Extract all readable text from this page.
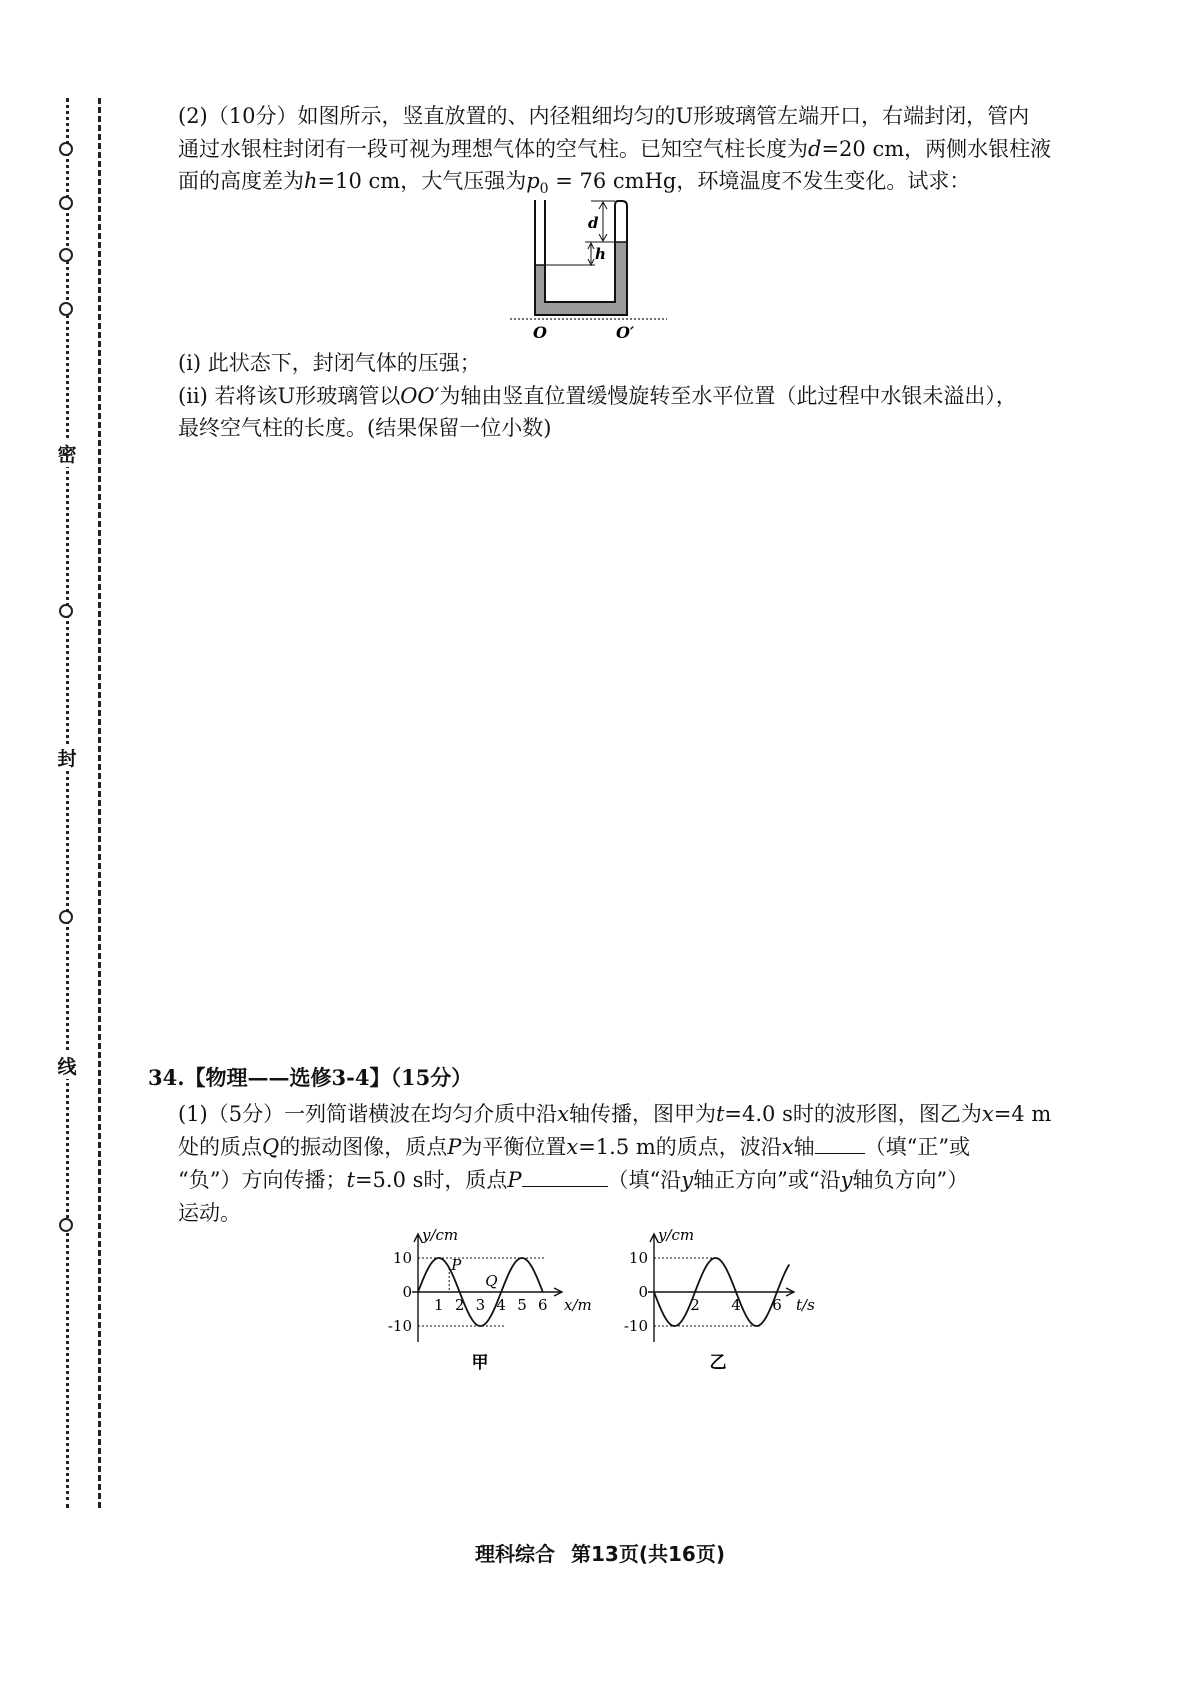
密
封
线
(2)（10分）如图所示，竖直放置的、内径粗细均匀的U形玻璃管左端开口，右端封闭，管内
通过水银柱封闭有一段可视为理想气体的空气柱。已知空气柱长度为d=20 cm，两侧水银柱液
面的高度差为h=10 cm，大气压强为$p_0 = 76$ cmHg，环境温度不发生变化。试求：
d
h
O	O′
(i) 此状态下，封闭气体的压强；
(ii) 若将该U形玻璃管以OO′为轴由竖直位置缓慢旋转至水平位置（此过程中水银未溢出），
最终空气柱的长度。(结果保留一位小数)
34.【物理——选修3-4】（15分）
(1)（5分）一列简谐横波在均匀介质中沿x轴传播，图甲为t=4.0 s时的波形图，图乙为x=4 m
处的质点Q的振动图像，质点P为平衡位置x=1.5 m的质点，波沿x轴 （填“正”或
“负”）方向传播；t=5.0 s时，质点P	（填“沿y轴正方向”或“沿y轴负方向”）
运动。
y/cm
x/m
10
0
-10
1 2 3 4 5 6
P
Q
甲
y/cm
t/s
10
0
-10
2 4 6
乙
理科综合 第13页(共16页)
